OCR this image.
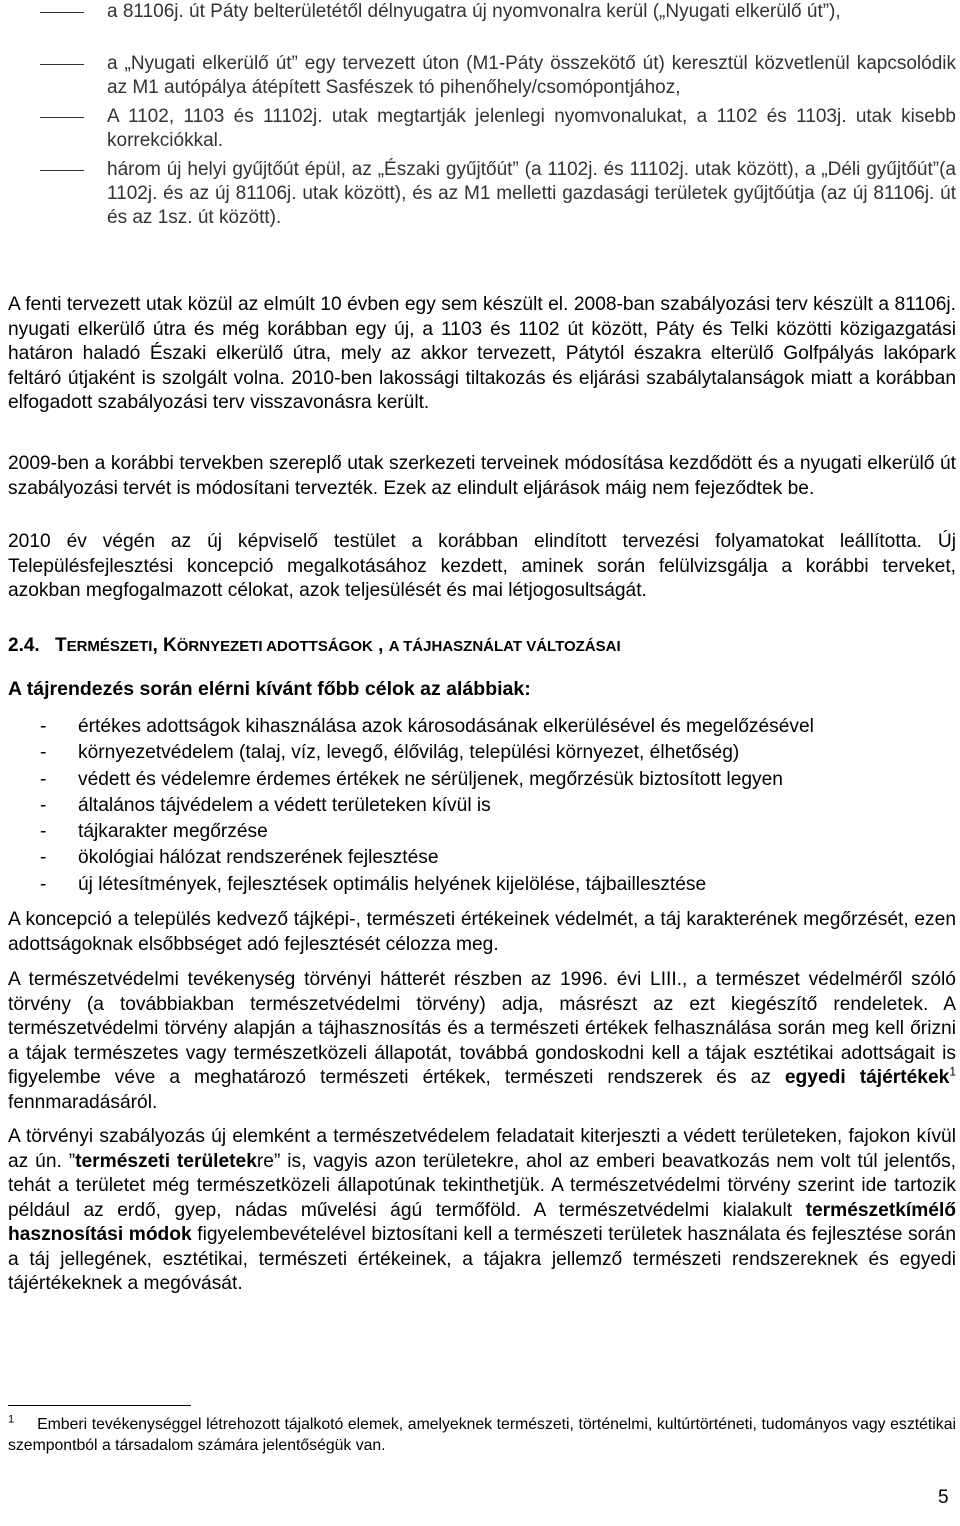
a 81106j. út Páty belterületétől délnyugatra új nyomvonalra kerül („Nyugati elkerülő út”),
a „Nyugati elkerülő út” egy tervezett úton (M1-Páty összekötő út) keresztül közvetlenül kapcsolódik az M1 autópálya átépített Sasfészek tó pihenőhely/csomópontjához,
A 1102, 1103 és 11102j. utak megtartják jelenlegi nyomvonalukat, a 1102 és 1103j. utak kisebb korrekciókkal.
három új helyi gyűjtőút épül, az „Északi gyűjtőút” (a 1102j. és 11102j. utak között), a „Déli gyűjtőút”(a 1102j. és az új 81106j. utak között), és az M1 melletti gazdasági területek gyűjtőútja (az új 81106j. út és az 1sz. út között).

A fenti tervezett utak közül az elmúlt 10 évben egy sem készült el. 2008-ban szabályozási terv készült a 81106j. nyugati elkerülő útra és még korábban egy új, a 1103 és 1102 út között, Páty és Telki közötti közigazgatási határon haladó Északi elkerülő útra, mely az akkor tervezett, Pátytól északra elterülő Golfpályás lakópark feltáró útjaként is szolgált volna. 2010-ben lakossági tiltakozás és eljárási szabálytalanságok miatt a korábban elfogadott szabályozási terv visszavonásra került.

2009-ben a korábbi tervekben szereplő utak szerkezeti terveinek módosítása kezdődött és a nyugati elkerülő út szabályozási tervét is módosítani tervezték. Ezek az elindult eljárások máig nem fejeződtek be.

2010 év végén az új képviselő testület a korábban elindított tervezési folyamatokat leállította. Új Településfejlesztési koncepció megalkotásához kezdett, aminek során felülvizsgálja a korábbi terveket, azokban megfogalmazott célokat, azok teljesülését és mai létjogosultságát.

2.4. TERMÉSZETI, KÖRNYEZETI ADOTTSÁGOK , A TÁJHASZNÁLAT VÁLTOZÁSAI
A tájrendezés során elérni kívánt főbb célok az alábbiak:
- értékes adottságok kihasználása azok károsodásának elkerülésével és megelőzésével
- környezetvédelem (talaj, víz, levegő, élővilág, települési környezet, élhetőség)
- védett és védelemre érdemes értékek ne sérüljenek, megőrzésük biztosított legyen
- általános tájvédelem a védett területeken kívül is
- tájkarakter megőrzése
- ökológiai hálózat rendszerének fejlesztése
- új létesítmények, fejlesztések optimális helyének kijelölése, tájbaillesztése

A koncepció a település kedvező tájképi-, természeti értékeinek védelmét, a táj karakterének megőrzését, ezen adottságoknak elsőbbséget adó fejlesztését célozza meg.

A természetvédelmi tevékenység törvényi hátterét részben az 1996. évi LIII., a természet védelméről szóló törvény (a továbbiakban természetvédelmi törvény) adja, másrészt az ezt kiegészítő rendeletek. A természetvédelmi törvény alapján a tájhasznosítás és a természeti értékek felhasználása során meg kell őrizni a tájak természetes vagy természetközeli állapotát, továbbá gondoskodni kell a tájak esztétikai adottságait is figyelembe véve a meghatározó természeti értékek, természeti rendszerek és az egyedi tájértékek$^1$ fennmaradásáról.

A törvényi szabályozás új elemként a természetvédelem feladatait kiterjeszti a védett területeken, fajokon kívül az ún. ”természeti területekre” is, vagyis azon területekre, ahol az emberi beavatkozás nem volt túl jelentős, tehát a területet még természetközeli állapotúnak tekinthetjük. A természetvédelmi törvény szerint ide tartozik például az erdő, gyep, nádas művelési ágú termőföld. A természetvédelmi kialakult természetkímélő hasznosítási módok figyelembevételével biztosítani kell a természeti területek használata és fejlesztése során a táj jellegének, esztétikai, természeti értékeinek, a tájakra jellemző természeti rendszereknek és egyedi tájértékeknek a megóvását.

$^1$ Emberi tevékenységgel létrehozott tájalkotó elemek, amelyeknek természeti, történelmi, kultúrtörténeti, tudományos vagy esztétikai szempontból a társadalom számára jelentőségük van.

5
